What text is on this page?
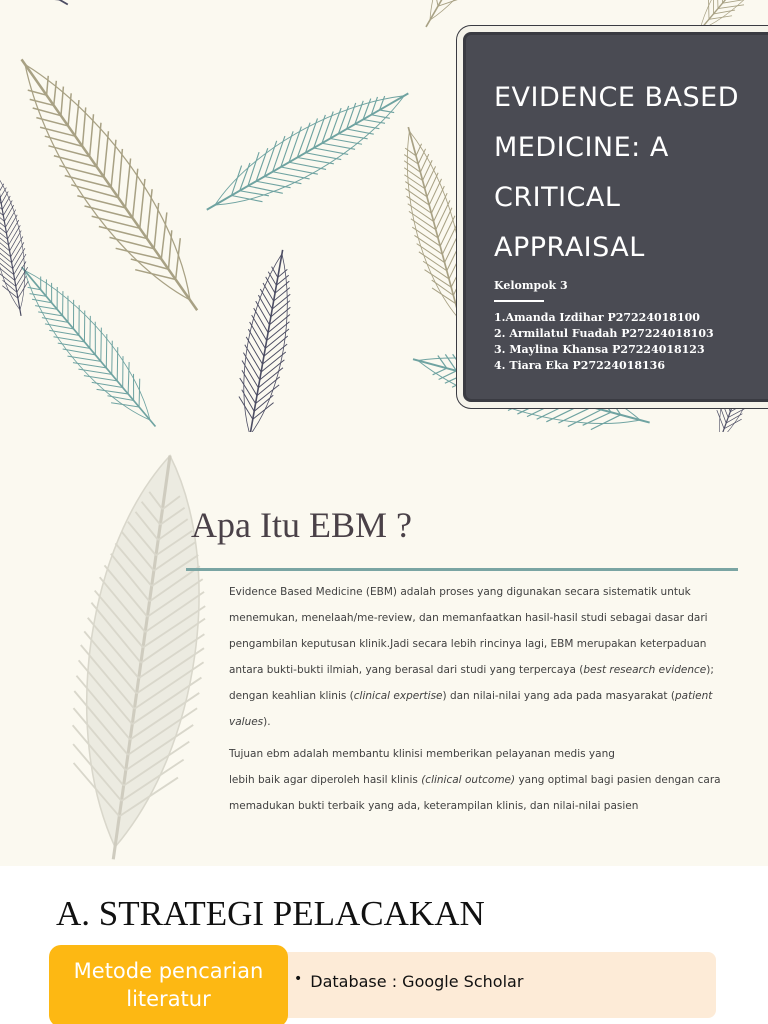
EVIDENCE BASED
MEDICINE: A
CRITICAL
APPRAISAL
Kelompok 3
1.Amanda Izdihar P27224018100
2. Armilatul Fuadah P27224018103
3. Maylina Khansa P27224018123
4. Tiara Eka P27224018136
Apa Itu EBM ?

Evidence Based Medicine (EBM) adalah proses yang digunakan secara sistematik untuk
menemukan, menelaah/me-review, dan memanfaatkan hasil-hasil studi sebagai dasar dari
pengambilan keputusan klinik.Jadi secara lebih rincinya lagi, EBM merupakan keterpaduan
antara bukti-bukti ilmiah, yang berasal dari studi yang terpercaya (best research evidence);
dengan keahlian klinis (clinical expertise) dan nilai-nilai yang ada pada masyarakat (patient
values).

Tujuan ebm adalah membantu klinisi memberikan pelayanan medis yang
lebih baik agar diperoleh hasil klinis (clinical outcome) yang optimal bagi pasien dengan cara
memadukan bukti terbaik yang ada, keterampilan klinis, dan nilai-nilai pasien

A. STRATEGI PELACAKAN
• Database : Google Scholar
Metode pencarian
literatur
